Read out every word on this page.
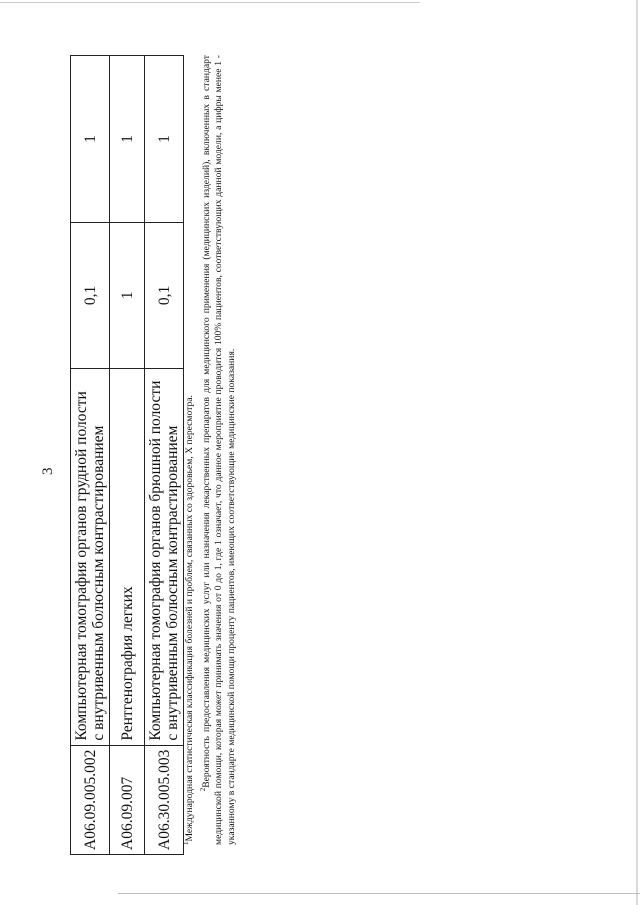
3
A06.09.005.002	Компьютерная томография органов грудной полости с внутривенным болюсным контрастированием	0,1	1
A06.09.007	Рентгенография легких	1	1
A06.30.005.003	Компьютерная томография органов брюшной полости с внутривенным болюсным контрастированием	0,1	1

$^1$Международная статистическая классификация болезней и проблем, связанных со здоровьем, X пересмотра. $^2$Вероятность предоставления медицинских услуг или назначения лекарственных препаратов для медицинского применения (медицинских изделий), включенных в стандарт медицинской помощи, которая может принимать значения от 0 до 1, где 1 означает, что данное мероприятие проводится 100% пациентов, соответствующих данной модели, а цифры менее 1 - указанному в стандарте медицинской помощи проценту пациентов, имеющих соответствующие медицинские показания.
